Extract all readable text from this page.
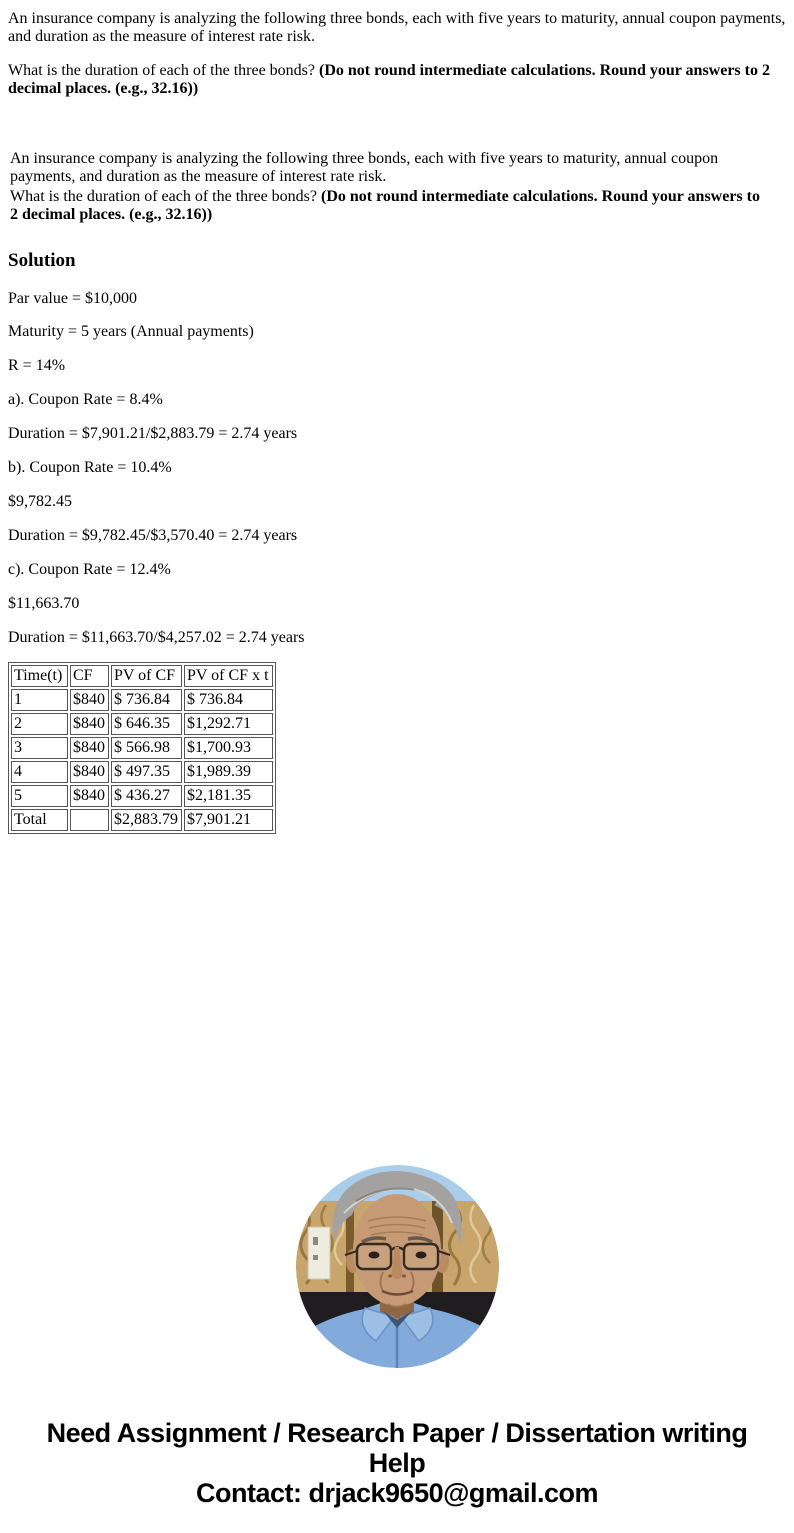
An insurance company is analyzing the following three bonds, each with five years to maturity, annual coupon payments, and duration as the measure of interest rate risk.

What is the duration of each of the three bonds? (Do not round intermediate calculations. Round your answers to 2 decimal places. (e.g., 32.16))

An insurance company is analyzing the following three bonds, each with five years to maturity, annual coupon payments, and duration as the measure of interest rate risk.

What is the duration of each of the three bonds? (Do not round intermediate calculations. Round your answers to 2 decimal places. (e.g., 32.16))

Solution

Par value = $10,000

Maturity = 5 years (Annual payments)

R = 14%

a). Coupon Rate = 8.4%

Duration = $7,901.21/$2,883.79 = 2.74 years

b). Coupon Rate = 10.4%

$9,782.45

Duration = $9,782.45/$3,570.40 = 2.74 years

c). Coupon Rate = 12.4%

$11,663.70

Duration = $11,663.70/$4,257.02 = 2.74 years

Time(t)	CF	PV of CF	PV of CF x t
1	$840	$ 736.84	$ 736.84
2	$840	$ 646.35	$1,292.71
3	$840	$ 566.98	$1,700.93
4	$840	$ 497.35	$1,989.39
5	$840	$ 436.27	$2,181.35
Total		$2,883.79	$7,901.21
Need Assignment / Research Paper / Dissertation writing Help
Contact: drjack9650@gmail.com
